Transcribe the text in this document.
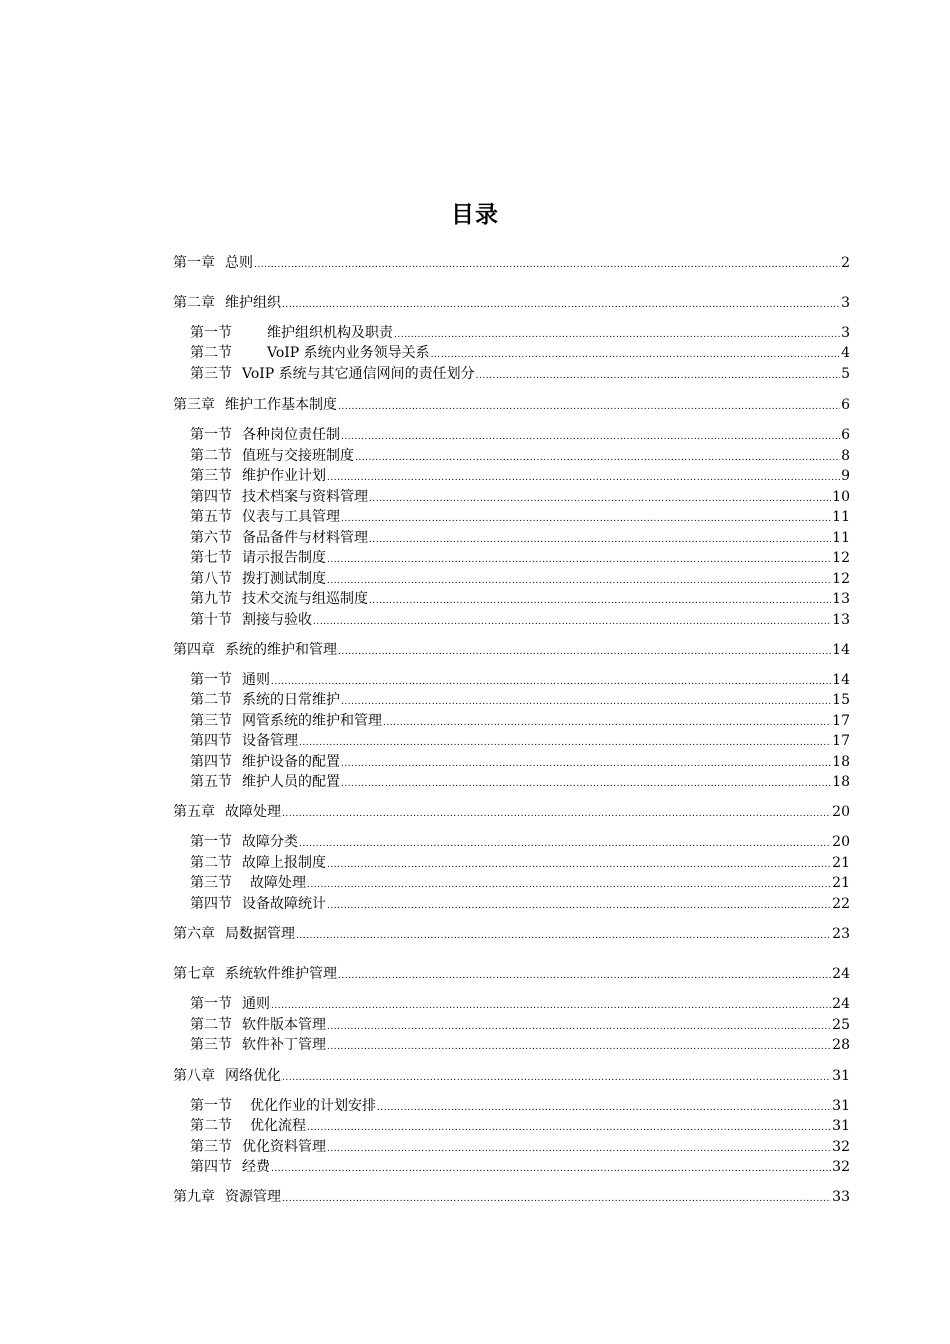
目录
第一章 总则 .....	2
第二章 维护组织 .....	3
第一节	维护组织机构及职责 .....	3
第二节	VoIP 系统内业务领导关系 .....	4
第三节 VoIP 系统与其它通信网间的责任划分 .....	5
第三章 维护工作基本制度 .....	6
第一节 各种岗位责任制 .....	6
第二节 值班与交接班制度 .....	8
第三节 维护作业计划 .....	9
第四节 技术档案与资料管理 .....	10
第五节 仪表与工具管理 .....	11
第六节 备品备件与材料管理 .....	11
第七节 请示报告制度 .....	12
第八节 拨打测试制度 .....	12
第九节 技术交流与组巡制度 .....	13
第十节 割接与验收 .....	13
第四章 系统的维护和管理 .....	14
第一节 通则 .....	14
第二节 系统的日常维护 .....	15
第三节 网管系统的维护和管理 .....	17
第四节 设备管理 .....	17
第四节 维护设备的配置 .....	18
第五节 维护人员的配置 .....	18
第五章 故障处理 .....	20
第一节 故障分类 .....	20
第二节 故障上报制度 .....	21
第三节 故障处理 .....	21
第四节 设备故障统计 .....	22
第六章 局数据管理 .....	23
第七章 系统软件维护管理 .....	24
第一节 通则 .....	24
第二节 软件版本管理 .....	25
第三节 软件补丁管理 .....	28
第八章 网络优化 .....	31
第一节 优化作业的计划安排 .....	31
第二节 优化流程 .....	31
第三节 优化资料管理 .....	32
第四节 经费 .....	32
第九章 资源管理 .....	33
